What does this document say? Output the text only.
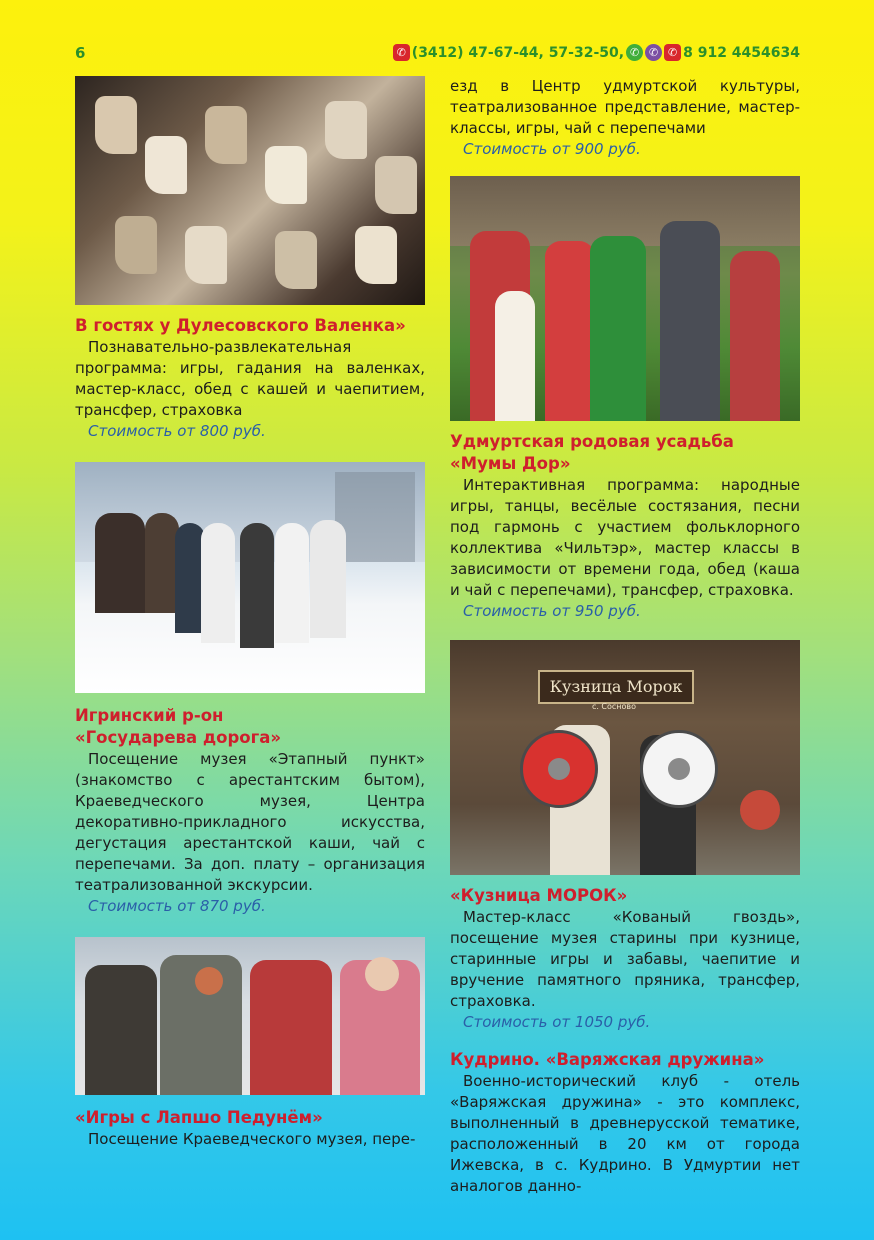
6	✆ (3412) 47-67-44, 57-32-50, ✆ ✆ ✆ 8 912 4454634
В гостях у Дулесовского Валенка»

Познавательно-развлекательная программа: игры, гадания на валенках, мастер-класс, обед с кашей и чаепитием, трансфер, страховка

Стоимость от 800 руб.
Игринский р-он
«Государева дорога»

Посещение музея «Этапный пункт» (знакомство с арестантским бытом), Краеведческого музея, Центра декоративно-прикладного искусства, дегустация арестантской каши, чай с перепечами. За доп. плату – организация театрализованной экскурсии.

Стоимость от 870 руб.
«Игры с Лапшо Педунём»

Посещение Краеведческого музея, пере-

езд в Центр удмуртской культуры, театрализованное представление, мастер-классы, игры, чай с перепечами

Стоимость от 900 руб.
Удмуртская родовая усадьба
«Мумы Дор»

Интерактивная программа: народные игры, танцы, весёлые состязания, песни под гармонь с участием фольклорного коллектива «Чильтэр», мастер классы в зависимости от времени года, обед (каша и чай с перепечами), трансфер, страховка.

Стоимость от 950 руб.
Кузница Морок
с. Сосново
«Кузница МОРОК»

Мастер-класс «Кованый гвоздь», посещение музея старины при кузнице, старинные игры и забавы, чаепитие и вручение памятного пряника, трансфер, страховка.

Стоимость от 1050 руб.
Кудрино. «Варяжская дружина»

Военно-исторический клуб - отель «Варяжская дружина» - это комплекс, выполненный в древнерусской тематике, расположенный в 20 км от города Ижевска, в с. Кудрино. В Удмуртии нет аналогов данно-
